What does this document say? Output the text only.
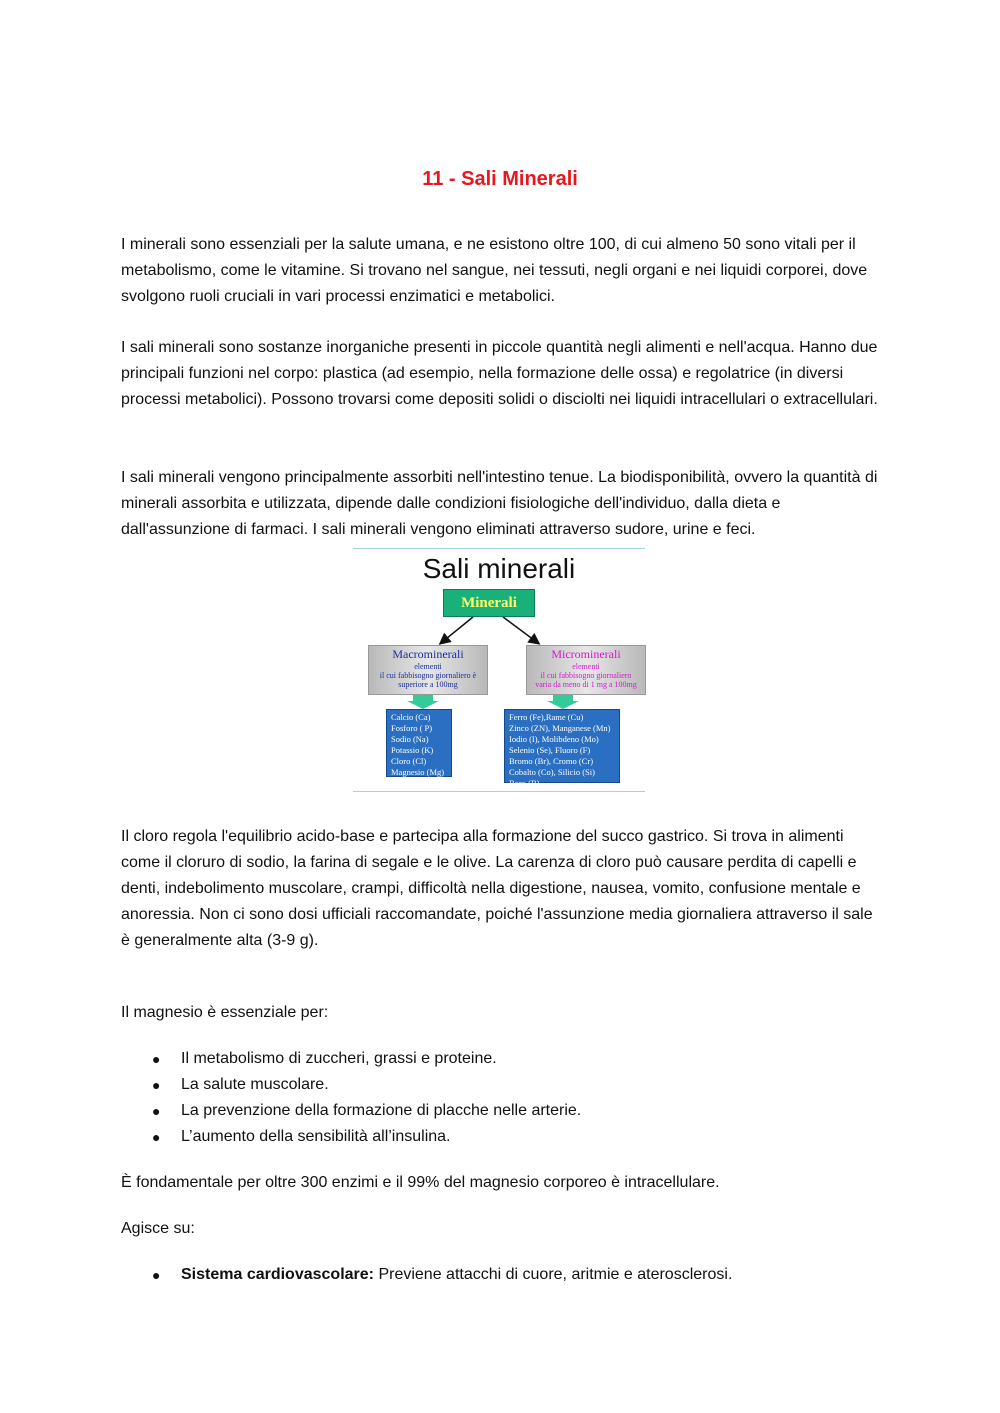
11 - Sali Minerali

I minerali sono essenziali per la salute umana, e ne esistono oltre 100, di cui almeno 50 sono vitali per il metabolismo, come le vitamine. Si trovano nel sangue, nei tessuti, negli organi e nei liquidi corporei, dove svolgono ruoli cruciali in vari processi enzimatici e metabolici.

I sali minerali sono sostanze inorganiche presenti in piccole quantità negli alimenti e nell'acqua. Hanno due principali funzioni nel corpo: plastica (ad esempio, nella formazione delle ossa) e regolatrice (in diversi processi metabolici). Possono trovarsi come depositi solidi o disciolti nei liquidi intracellulari o extracellulari.

I sali minerali vengono principalmente assorbiti nell'intestino tenue. La biodisponibilità, ovvero la quantità di minerali assorbita e utilizzata, dipende dalle condizioni fisiologiche dell'individuo, dalla dieta e dall'assunzione di farmaci. I sali minerali vengono eliminati attraverso sudore, urine e feci.

Sali minerali
Minerali
Macrominerali
elementi
il cui fabbisogno giornaliero è
superiore a 100mg
Microminerali
elementi
il cui fabbisogno giornaliero
varia da meno di 1 mg a 100mg
Calcio (Ca)
Fosforo ( P)
Sodio (Na)
Potassio (K)
Cloro (Cl)
Magnesio (Mg)
Ferro (Fe),Rame (Cu)
Zinco (ZN), Manganese (Mn)
Iodio (I), Molibdeno (Mo)
Selenio (Se), Fluoro (F)
Bromo (Br), Cromo (Cr)
Cobalto (Co), Silicio (Si)
Boro (B)

Il cloro regola l'equilibrio acido-base e partecipa alla formazione del succo gastrico. Si trova in alimenti come il cloruro di sodio, la farina di segale e le olive. La carenza di cloro può causare perdita di capelli e denti, indebolimento muscolare, crampi, difficoltà nella digestione, nausea, vomito, confusione mentale e anoressia. Non ci sono dosi ufficiali raccomandate, poiché l'assunzione media giornaliera attraverso il sale è generalmente alta (3-9 g).

Il magnesio è essenziale per:

● Il metabolismo di zuccheri, grassi e proteine.
● La salute muscolare.
● La prevenzione della formazione di placche nelle arterie.
● L’aumento della sensibilità all’insulina.

È fondamentale per oltre 300 enzimi e il 99% del magnesio corporeo è intracellulare.

Agisce su:

● Sistema cardiovascolare: Previene attacchi di cuore, aritmie e aterosclerosi.
